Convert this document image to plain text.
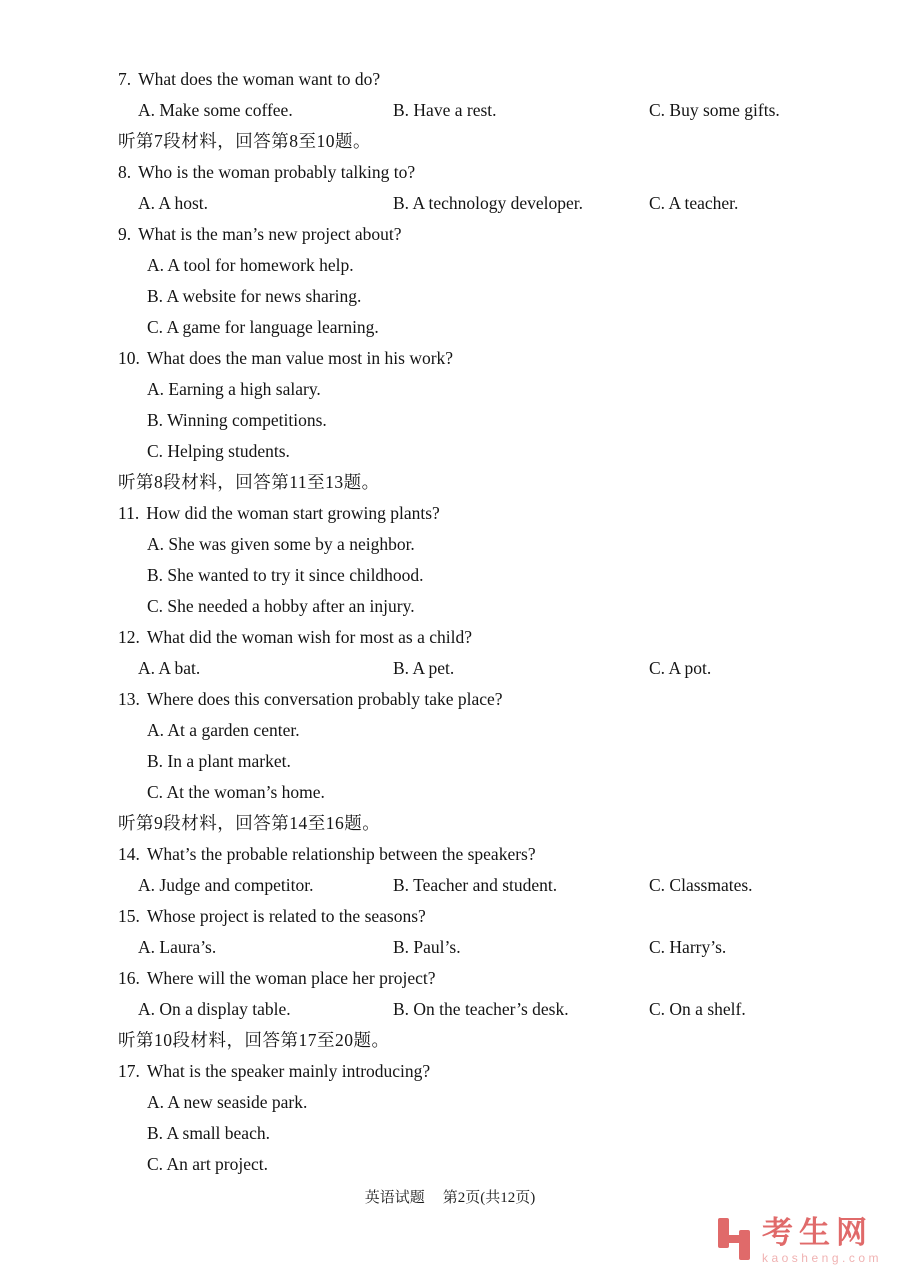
7. What does the woman want to do?
A. Make some coffee.	B. Have a rest.	C. Buy some gifts.
听第7段材料，回答第8至10题。
8. Who is the woman probably talking to?
A. A host.	B. A technology developer.	C. A teacher.
9. What is the man’s new project about?
A. A tool for homework help.
B. A website for news sharing.
C. A game for language learning.
10. What does the man value most in his work?
A. Earning a high salary.
B. Winning competitions.
C. Helping students.
听第8段材料，回答第11至13题。
11. How did the woman start growing plants?
A. She was given some by a neighbor.
B. She wanted to try it since childhood.
C. She needed a hobby after an injury.
12. What did the woman wish for most as a child?
A. A bat.	B. A pet.	C. A pot.
13. Where does this conversation probably take place?
A. At a garden center.
B. In a plant market.
C. At the woman’s home.
听第9段材料，回答第14至16题。
14. What’s the probable relationship between the speakers?
A. Judge and competitor.	B. Teacher and student.	C. Classmates.
15. Whose project is related to the seasons?
A. Laura’s.	B. Paul’s.	C. Harry’s.
16. Where will the woman place her project?
A. On a display table.	B. On the teacher’s desk.	C. On a shelf.
听第10段材料，回答第17至20题。
17. What is the speaker mainly introducing?
A. A new seaside park.
B. A small beach.
C. An art project.
英语试题 第2页(共12页)
考生网
kaosheng.com
